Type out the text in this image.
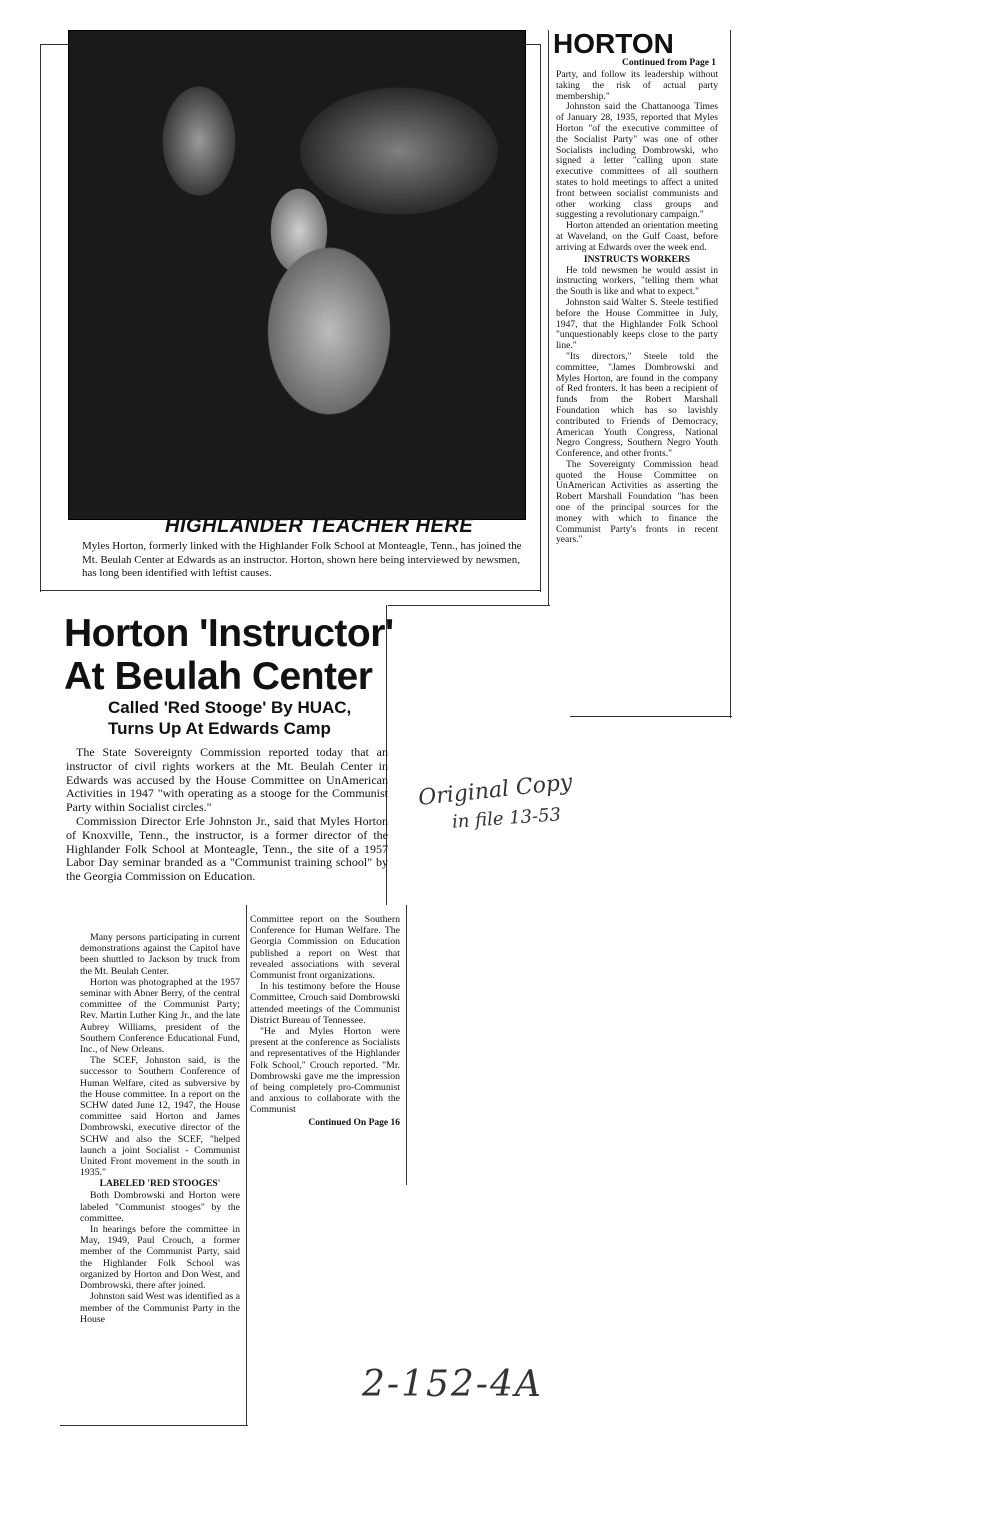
HIGHLANDER TEACHER HERE
Myles Horton, formerly linked with the Highlander Folk School at Monteagle, Tenn., has joined the Mt. Beulah Center at Edwards as an instructor. Horton, shown here being interviewed by newsmen, has long been identified with leftist causes.
HORTON
Continued from Page 1

Party, and follow its leadership without taking the risk of actual party membership."

Johnston said the Chattanooga Times of January 28, 1935, reported that Myles Horton "of the executive committee of the Socialist Party" was one of other Socialists including Dombrowski, who signed a letter "calling upon state executive committees of all southern states to hold meetings to affect a united front between socialist communists and other working class groups and suggesting a revolutionary campaign."

Horton attended an orientation meeting at Waveland, on the Gulf Coast, before arriving at Edwards over the week end.

INSTRUCTS WORKERS

He told newsmen he would assist in instructing workers, "telling them what the South is like and what to expect."

Johnston said Walter S. Steele testified before the House Committee in July, 1947, that the Highlander Folk School "unquestionably keeps close to the party line."

"Its directors," Steele told the committee, "James Dombrowski and Myles Horton, are found in the company of Red fronters. It has been a recipient of funds from the Robert Marshall Foundation which has so lavishly contributed to Friends of Democracy, American Youth Congress, National Negro Congress, Southern Negro Youth Conference, and other fronts."

The Sovereignty Commission head quoted the House Committee on UnAmerican Activities as asserting the Robert Marshall Foundation "has been one of the principal sources for the money with which to finance the Communist Party's fronts in recent years."

Horton 'Instructor'
At Beulah Center
Called 'Red Stooge' By HUAC,
Turns Up At Edwards Camp

The State Sovereignty Commission reported today that an instructor of civil rights workers at the Mt. Beulah Center in Edwards was accused by the House Committee on UnAmerican Activities in 1947 "with operating as a stooge for the Communist Party within Socialist circles."

Commission Director Erle Johnston Jr., said that Myles Horton of Knoxville, Tenn., the instructor, is a former director of the Highlander Folk School at Monteagle, Tenn., the site of a 1957 Labor Day seminar branded as a "Communist training school" by the Georgia Commission on Education.

Many persons participating in current demonstrations against the Capitol have been shuttled to Jackson by truck from the Mt. Beulah Center.

Horton was photographed at the 1957 seminar with Abner Berry, of the central committee of the Communist Party; Rev. Martin Luther King Jr., and the late Aubrey Williams, president of the Southern Conference Educational Fund, Inc., of New Orleans.

The SCEF, Johnston said, is the successor to Southern Conference of Human Welfare, cited as subversive by the House committee. In a report on the SCHW dated June 12, 1947, the House committee said Horton and James Dombrowski, executive director of the SCHW and also the SCEF, "helped launch a joint Socialist - Communist United Front movement in the south in 1935."

LABELED 'RED STOOGES'

Both Dombrowski and Horton were labeled "Communist stooges" by the committee.

In hearings before the committee in May, 1949, Paul Crouch, a former member of the Communist Party, said the Highlander Folk School was organized by Horton and Don West, and Dombrowski, there after joined.

Johnston said West was identified as a member of the Communist Party in the House

Committee report on the Southern Conference for Human Welfare. The Georgia Commission on Education published a report on West that revealed associations with several Communist front organizations.

In his testimony before the House Committee, Crouch said Dombrowski attended meetings of the Communist District Bureau of Tennessee.

"He and Myles Horton were present at the conference as Socialists and representatives of the Highlander Folk School," Crouch reported. "Mr. Dombrowski gave me the impression of being completely pro-Communist and anxious to collaborate with the Communist

Continued On Page 16
Original Copy
in file 13-53
2-152-4A
